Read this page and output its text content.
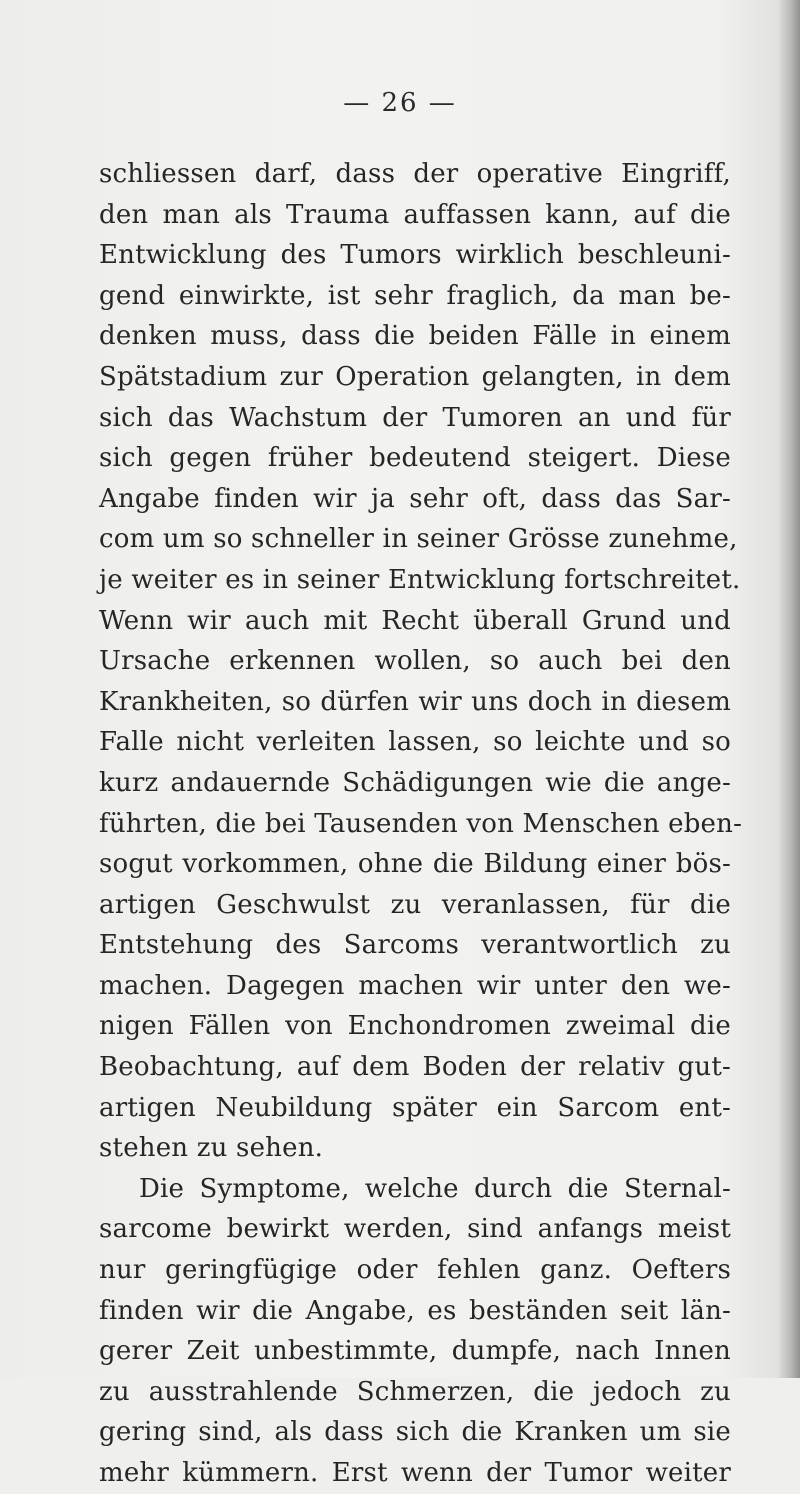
— 26 —
schliessen darf, dass der operative Eingriff,
den man als Trauma auffassen kann, auf die
Entwicklung des Tumors wirklich beschleuni-
gend einwirkte, ist sehr fraglich, da man be-
denken muss, dass die beiden Fälle in einem
Spätstadium zur Operation gelangten, in dem
sich das Wachstum der Tumoren an und für
sich gegen früher bedeutend steigert. Diese
Angabe finden wir ja sehr oft, dass das Sar-
com um so schneller in seiner Grösse zunehme,
je weiter es in seiner Entwicklung fortschreitet.
Wenn wir auch mit Recht überall Grund und
Ursache erkennen wollen, so auch bei den
Krankheiten, so dürfen wir uns doch in diesem
Falle nicht verleiten lassen, so leichte und so
kurz andauernde Schädigungen wie die ange-
führten, die bei Tausenden von Menschen eben-
sogut vorkommen, ohne die Bildung einer bös-
artigen Geschwulst zu veranlassen, für die
Entstehung des Sarcoms verantwortlich zu
machen. Dagegen machen wir unter den we-
nigen Fällen von Enchondromen zweimal die
Beobachtung, auf dem Boden der relativ gut-
artigen Neubildung später ein Sarcom ent-
stehen zu sehen.
Die Symptome, welche durch die Sternal-
sarcome bewirkt werden, sind anfangs meist
nur geringfügige oder fehlen ganz. Oefters
finden wir die Angabe, es beständen seit län-
gerer Zeit unbestimmte, dumpfe, nach Innen
zu ausstrahlende Schmerzen, die jedoch zu
gering sind, als dass sich die Kranken um sie
mehr kümmern. Erst wenn der Tumor weiter
